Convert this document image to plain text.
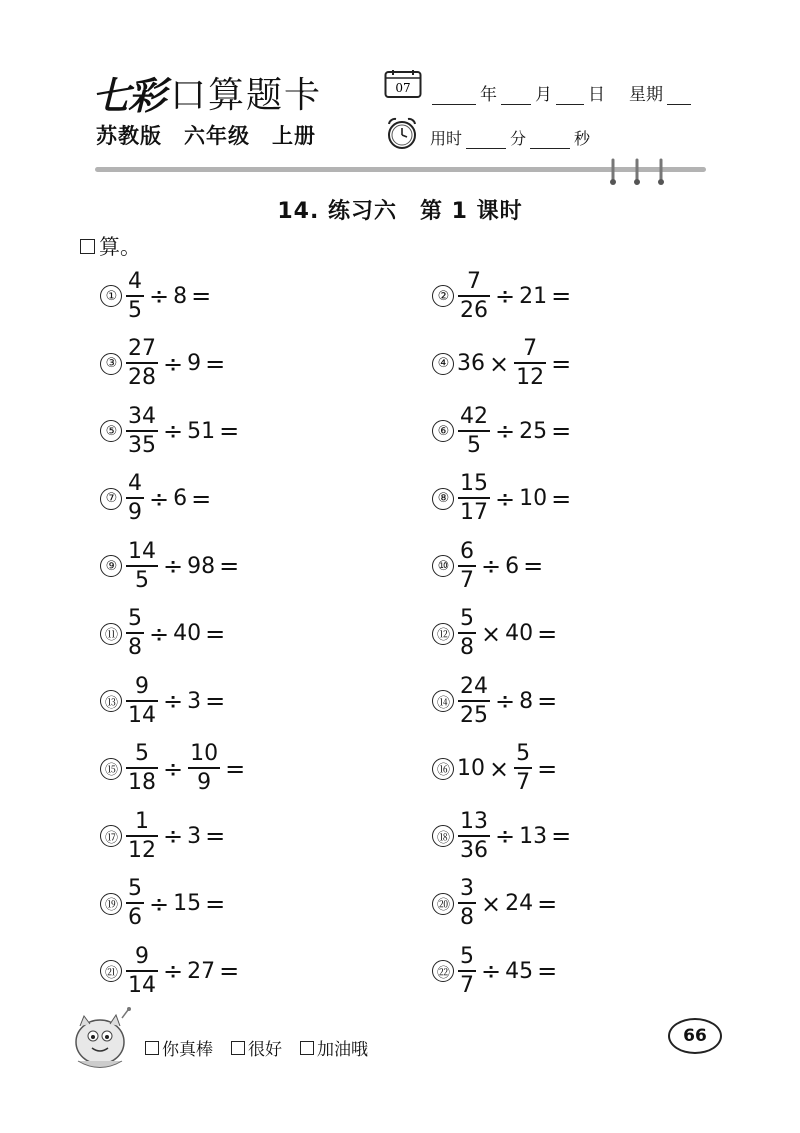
七彩 口算题卡
苏教版 六年级 上册
07	年 月 日 星期
用时	分	秒
14. 练习六　第 1 课时
算。
① $\frac{4}{5} \div 8$ =	② $\frac{7}{26} \div 21$ =
③ $\frac{27}{28} \div 9$ =	④ $36 \times \frac{7}{12}$ =
⑤ $\frac{34}{35} \div 51$ =	⑥ $\frac{42}{5} \div 25$ =
⑦ $\frac{4}{9} \div 6$ =	⑧ $\frac{15}{17} \div 10$ =
⑨ $\frac{14}{5} \div 98$ =	⑩ $\frac{6}{7} \div 6$ =
⑪ $\frac{5}{8} \div 40$ =	⑫ $\frac{5}{8} \times 40$ =
⑬ $\frac{9}{14} \div 3$ =	⑭ $\frac{24}{25} \div 8$ =
⑮ $\frac{5}{18} \div \frac{10}{9}$ =	⑯ $10 \times \frac{5}{7}$ =
⑰ $\frac{1}{12} \div 3$ =	⑱ $\frac{13}{36} \div 13$ =
⑲ $\frac{5}{6} \div 15$ =	⑳ $\frac{3}{8} \times 24$ =
㉑ $\frac{9}{14} \div 27$ =	㉒ $\frac{5}{7} \div 45$ =
你真棒 很好 加油哦
66
